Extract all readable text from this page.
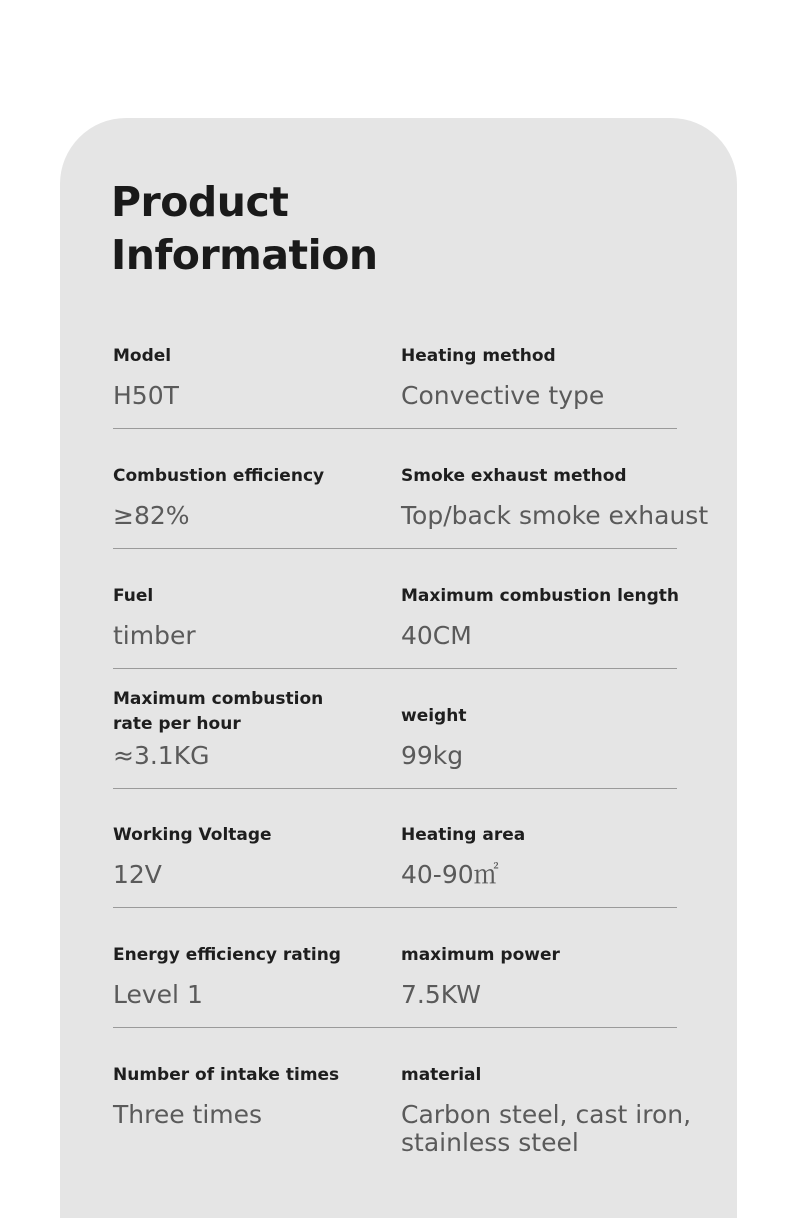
Product
Information
Model
H50T
Heating method
Convective type
Combustion efficiency
≥82%
Smoke exhaust method
Top/back smoke exhaust
Fuel
timber
Maximum combustion length
40CM
Maximum combustion
rate per hour
≈3.1KG
weight
99kg
Working Voltage
12V
Heating area
40-90㎡
Energy efficiency rating
Level 1
maximum power
7.5KW
Number of intake times
Three times
material
Carbon steel, cast iron,
stainless steel
